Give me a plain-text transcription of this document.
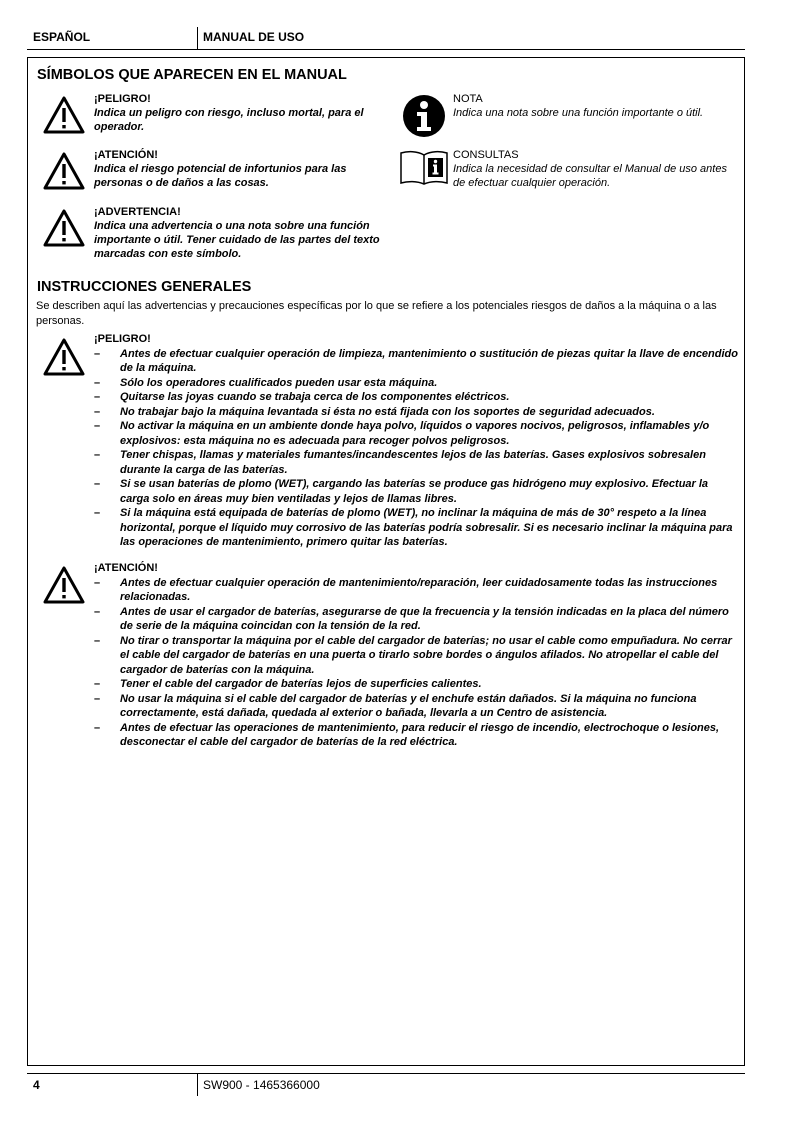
ESPAÑOL	MANUAL DE USO
SÍMBOLOS QUE APARECEN EN EL MANUAL
¡PELIGRO!
Indica un peligro con riesgo, incluso mortal, para el operador.
¡ATENCIÓN!
Indica el riesgo potencial de infortunios para las personas o de daños a las cosas.
¡ADVERTENCIA!
Indica una advertencia o una nota sobre una función importante o útil. Tener cuidado de las partes del texto marcadas con este símbolo.
NOTA
Indica una nota sobre una función importante o útil.
CONSULTAS
Indica la necesidad de consultar el Manual de uso antes de efectuar cualquier operación.
INSTRUCCIONES GENERALES
Se describen aquí las advertencias y precauciones específicas por lo que se refiere a los potenciales riesgos de daños a la máquina o a las personas.
¡PELIGRO!
– Antes de efectuar cualquier operación de limpieza, mantenimiento o sustitución de piezas quitar la llave de encendido de la máquina.
– Sólo los operadores cualificados pueden usar esta máquina.
– Quitarse las joyas cuando se trabaja cerca de los componentes eléctricos.
– No trabajar bajo la máquina levantada si ésta no está fijada con los soportes de seguridad adecuados.
– No activar la máquina en un ambiente donde haya polvo, líquidos o vapores nocivos, peligrosos, inflamables y/o explosivos: esta máquina no es adecuada para recoger polvos peligrosos.
– Tener chispas, llamas y materiales fumantes/incandescentes lejos de las baterías. Gases explosivos sobresalen durante la carga de las baterías.
– Si se usan baterías de plomo (WET), cargando las baterías se produce gas hidrógeno muy explosivo. Efectuar la carga solo en áreas muy bien ventiladas y lejos de llamas libres.
– Si la máquina está equipada de baterías de plomo (WET), no inclinar la máquina de más de 30° respeto a la línea horizontal, porque el líquido muy corrosivo de las baterías podría sobresalir. Si es necesario inclinar la máquina para las operaciones de mantenimiento, primero quitar las baterías.
¡ATENCIÓN!
– Antes de efectuar cualquier operación de mantenimiento/reparación, leer cuidadosamente todas las instrucciones relacionadas.
– Antes de usar el cargador de baterías, asegurarse de que la frecuencia y la tensión indicadas en la placa del número de serie de la máquina coincidan con la tensión de la red.
– No tirar o transportar la máquina por el cable del cargador de baterías; no usar el cable como empuñadura. No cerrar el cable del cargador de baterías en una puerta o tirarlo sobre bordes o ángulos afilados. No atropellar el cable del cargador de baterías con la máquina.
– Tener el cable del cargador de baterías lejos de superficies calientes.
– No usar la máquina si el cable del cargador de baterías y el enchufe están dañados. Si la máquina no funciona correctamente, está dañada, quedada al exterior o bañada, llevarla a un Centro de asistencia.
– Antes de efectuar las operaciones de mantenimiento, para reducir el riesgo de incendio, electrochoque o lesiones, desconectar el cable del cargador de baterías de la red eléctrica.
4	SW900 - 1465366000
